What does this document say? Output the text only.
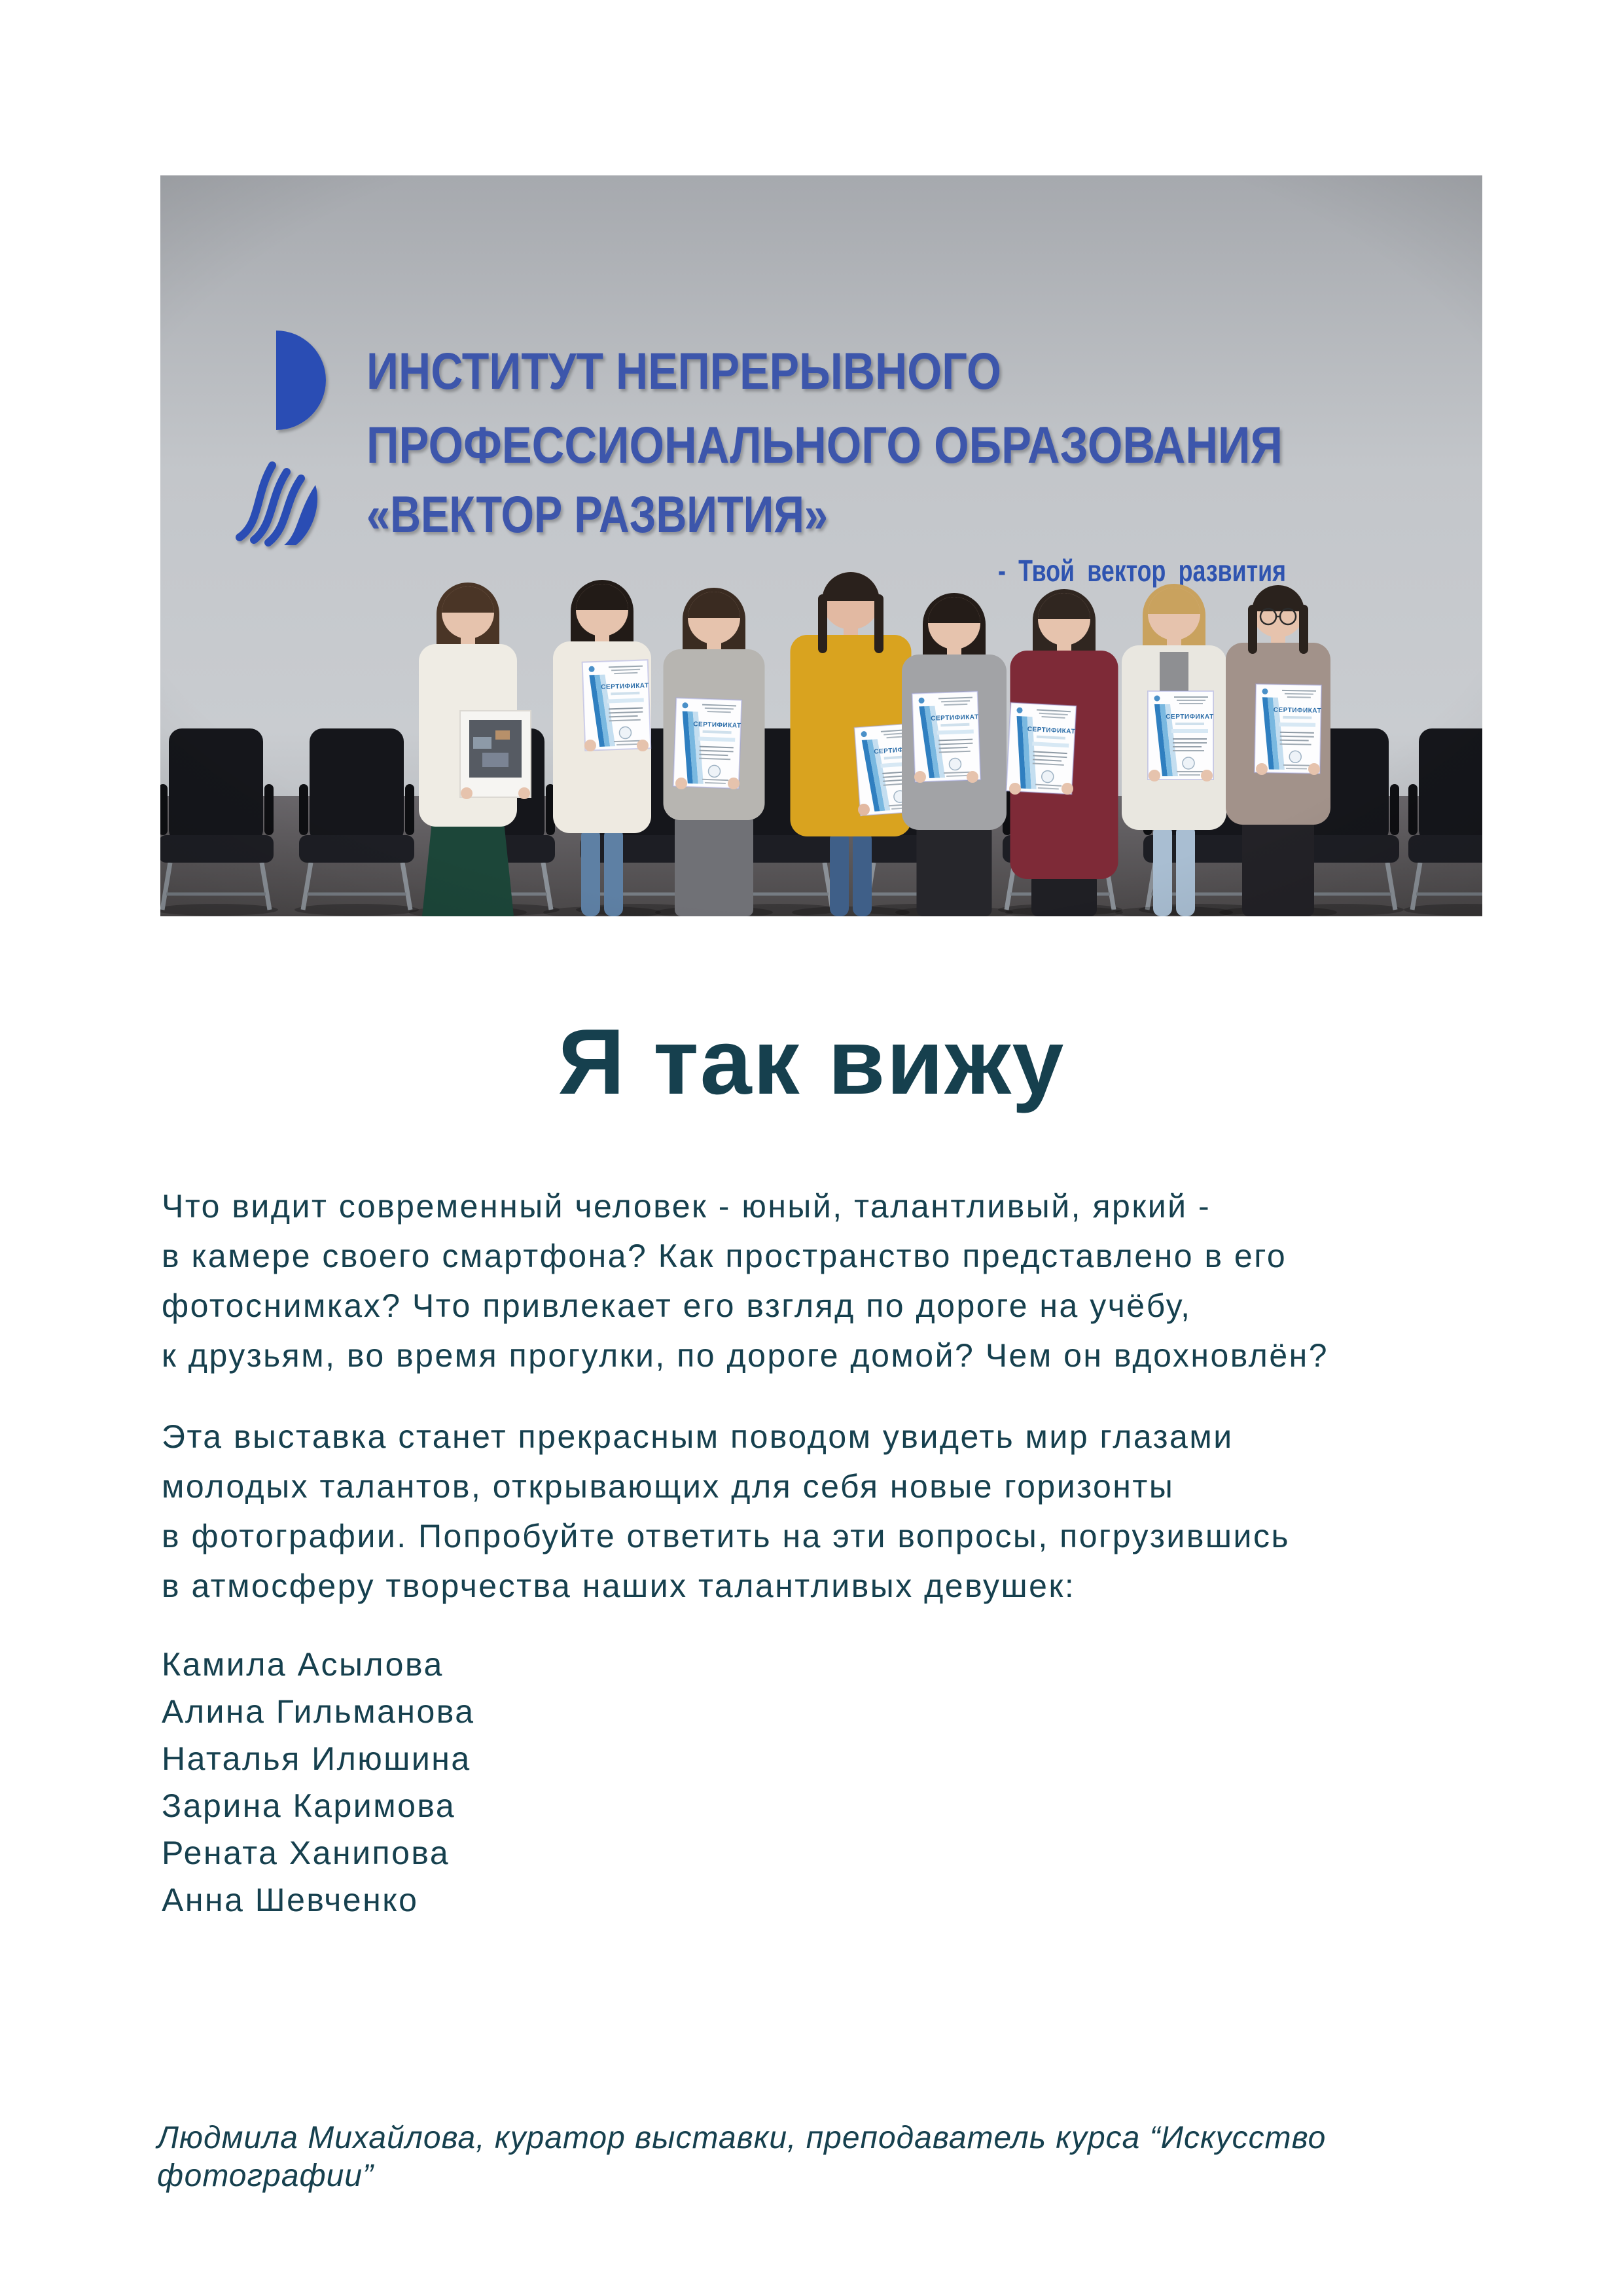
Я так вижу

Что видит современный человек - юный, талантливый, яркий -
в камере своего смартфона? Как пространство представлено в его
фотоснимках? Что привлекает его взгляд по дороге на учёбу,
к друзьям, во время прогулки, по дороге домой? Чем он вдохновлён?

Эта выставка станет прекрасным поводом увидеть мир глазами
молодых талантов, открывающих для себя новые горизонты
в фотографии. Попробуйте ответить на эти вопросы, погрузившись
в атмосферу творчества наших талантливых девушек:

Камила Асылова
Алина Гильманова
Наталья Илюшина
Зарина Каримова
Рената Ханипова
Анна Шевченко
Людмила Михайлова, куратор выставки, преподаватель курса “Искусство фотографии”
